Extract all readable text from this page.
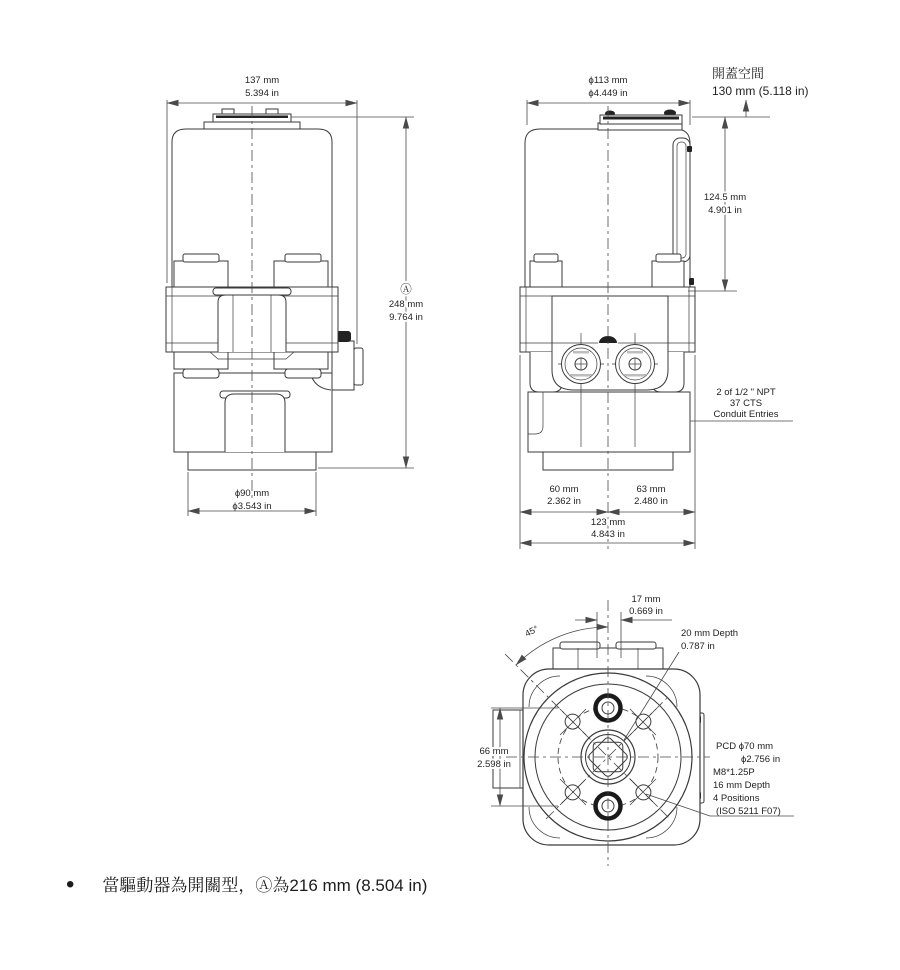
137 mm
5.394 in
Ⓐ
248 mm
9.764 in
ϕ90 mm
ϕ3.543 in
ϕ113 mm
ϕ4.449 in
開蓋空間
130 mm (5.118 in)
124.5 mm
4.901 in
2 of 1/2 " NPT
37 CTS
Conduit Entries
60 mm
2.362 in
63 mm
2.480 in
123 mm
4.843 in
17 mm
0.669 in
45°	20 mm Depth
0.787 in
66 mm
2.598 in
PCD ϕ70 mm
ϕ2.756 in
M8*1.25P
16 mm Depth
4 Positions
(ISO 5211 F07)
• 當驅動器為開關型，Ⓐ為216 mm (8.504 in)
